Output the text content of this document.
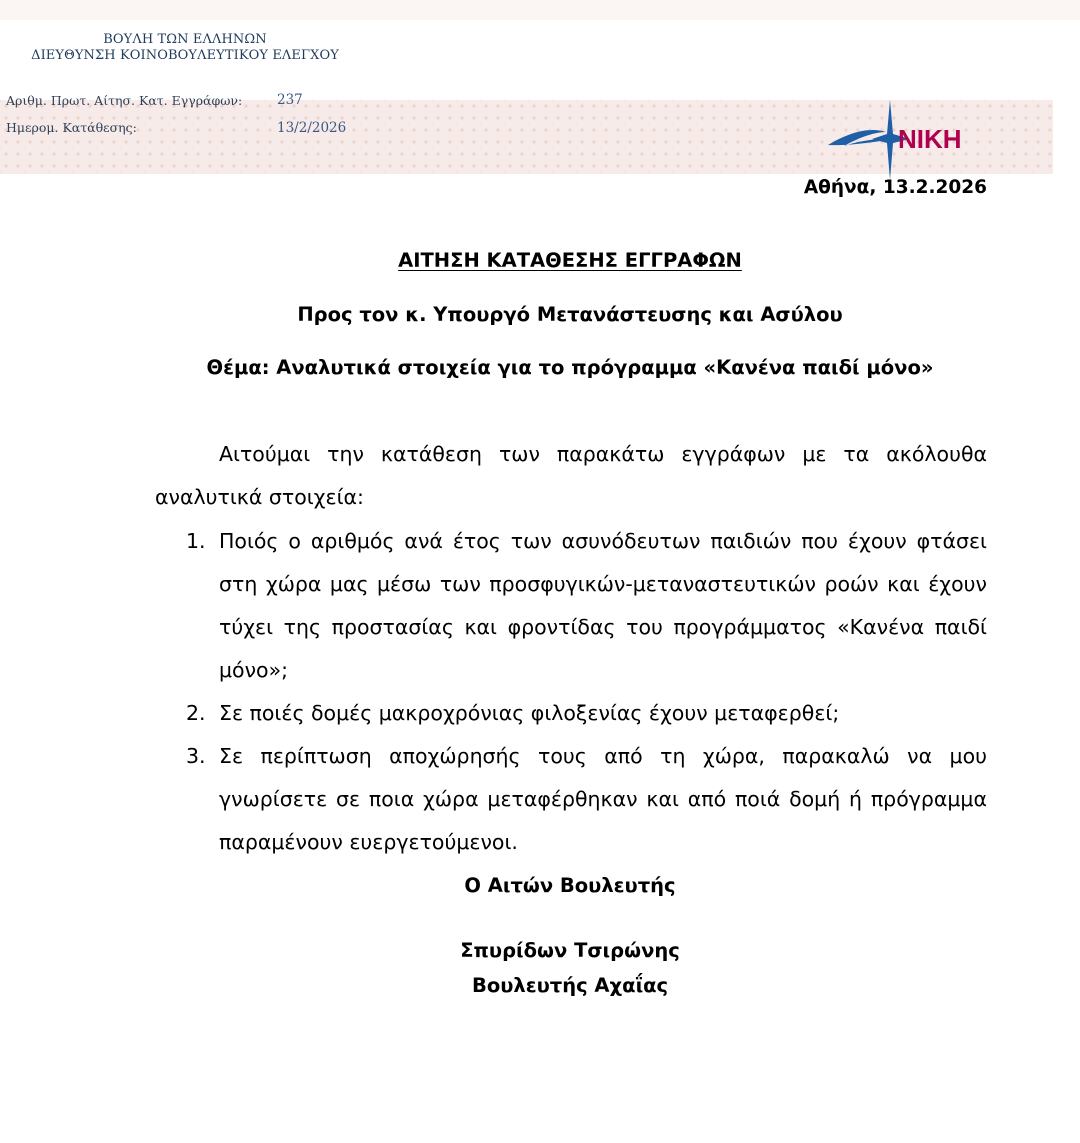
ΒΟΥΛΗ ΤΩΝ ΕΛΛΗΝΩΝ
ΔΙΕΥΘΥΝΣΗ ΚΟΙΝΟΒΟΥΛΕΥΤΙΚΟΥ ΕΛΕΓΧΟΥ
Αριθμ. Πρωτ. Αίτησ. Κατ. Εγγράφων:	237
Ημερομ. Κατάθεσης:	13/2/2026	ΝΙΚΗ
Αθήνα, 13.2.2026
ΑΙΤΗΣΗ ΚΑΤΑΘΕΣΗΣ ΕΓΓΡΑΦΩΝ
Προς τον κ. Υπουργό Μετανάστευσης και Ασύλου
Θέμα: Αναλυτικά στοιχεία για το πρόγραμμα «Κανένα παιδί μόνο»
Αιτούμαι την κατάθεση των παρακάτω εγγράφων με τα ακόλουθα αναλυτικά στοιχεία:
1. Ποιός ο αριθμός ανά έτος των ασυνόδευτων παιδιών που έχουν φτάσει στη χώρα μας μέσω των προσφυγικών-μεταναστευτικών ροών και έχουν τύχει της προστασίας και φροντίδας του προγράμματος «Κανένα παιδί μόνο»;
2. Σε ποιές δομές μακροχρόνιας φιλοξενίας έχουν μεταφερθεί;
3. Σε περίπτωση αποχώρησής τους από τη χώρα, παρακαλώ να μου γνωρίσετε σε ποια χώρα μεταφέρθηκαν και από ποιά δομή ή πρόγραμμα παραμένουν ευεργετούμενοι.
Ο Αιτών Βουλευτής
Σπυρίδων Τσιρώνης
Βουλευτής Αχαΐας
